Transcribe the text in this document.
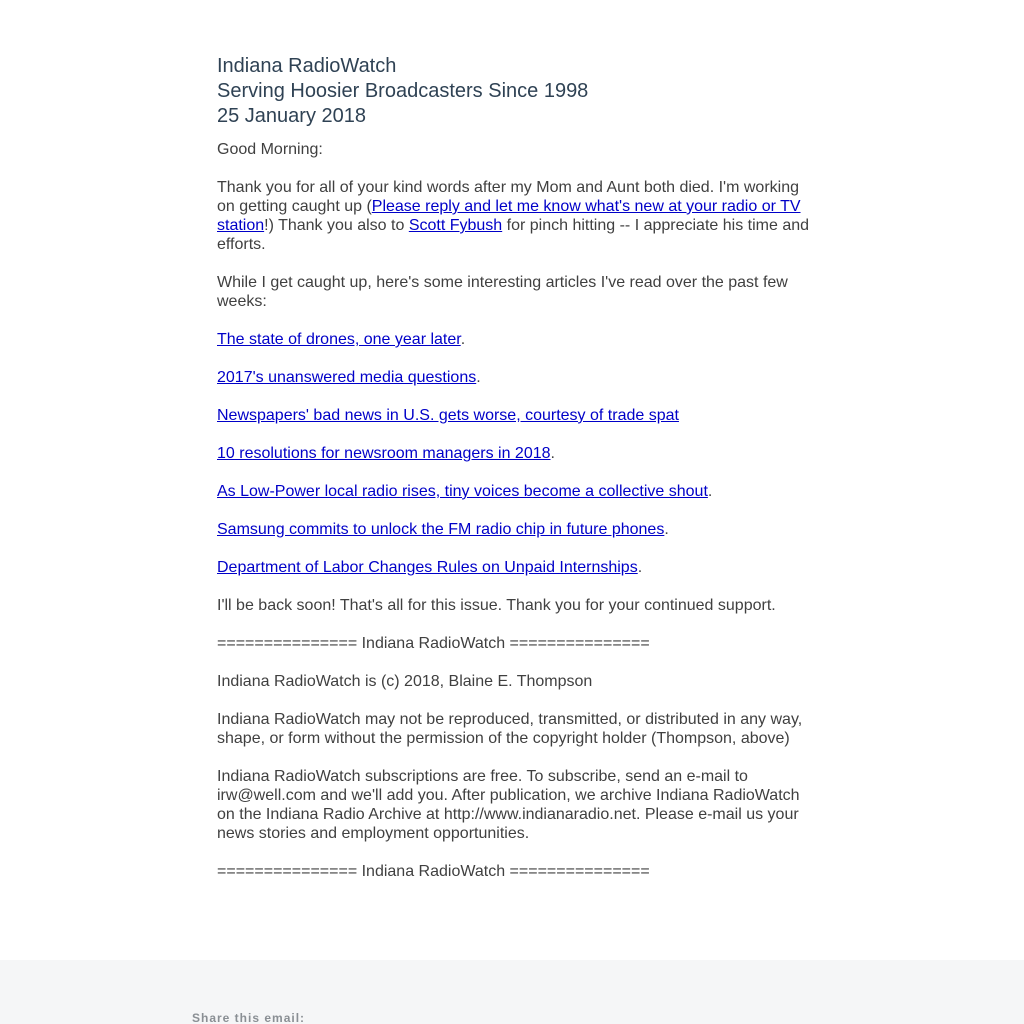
Indiana RadioWatch
Serving Hoosier Broadcasters Since 1998
25 January 2018

Good Morning:

Thank you for all of your kind words after my Mom and Aunt both died. I'm working on getting caught up (Please reply and let me know what's new at your radio or TV station!) Thank you also to Scott Fybush for pinch hitting -- I appreciate his time and efforts.

While I get caught up, here's some interesting articles I've read over the past few weeks:

The state of drones, one year later.

2017's unanswered media questions.

Newspapers' bad news in U.S. gets worse, courtesy of trade spat

10 resolutions for newsroom managers in 2018.

As Low-Power local radio rises, tiny voices become a collective shout.

Samsung commits to unlock the FM radio chip in future phones.

Department of Labor Changes Rules on Unpaid Internships.

I'll be back soon! That's all for this issue. Thank you for your continued support.

=============== Indiana RadioWatch ===============

Indiana RadioWatch is (c) 2018, Blaine E. Thompson

Indiana RadioWatch may not be reproduced, transmitted, or distributed in any way, shape, or form without the permission of the copyright holder (Thompson, above)

Indiana RadioWatch subscriptions are free. To subscribe, send an e-mail to irw@well.com and we'll add you. After publication, we archive Indiana RadioWatch on the Indiana Radio Archive at http://www.indianaradio.net. Please e-mail us your news stories and employment opportunities.

=============== Indiana RadioWatch ===============

Share this email:
